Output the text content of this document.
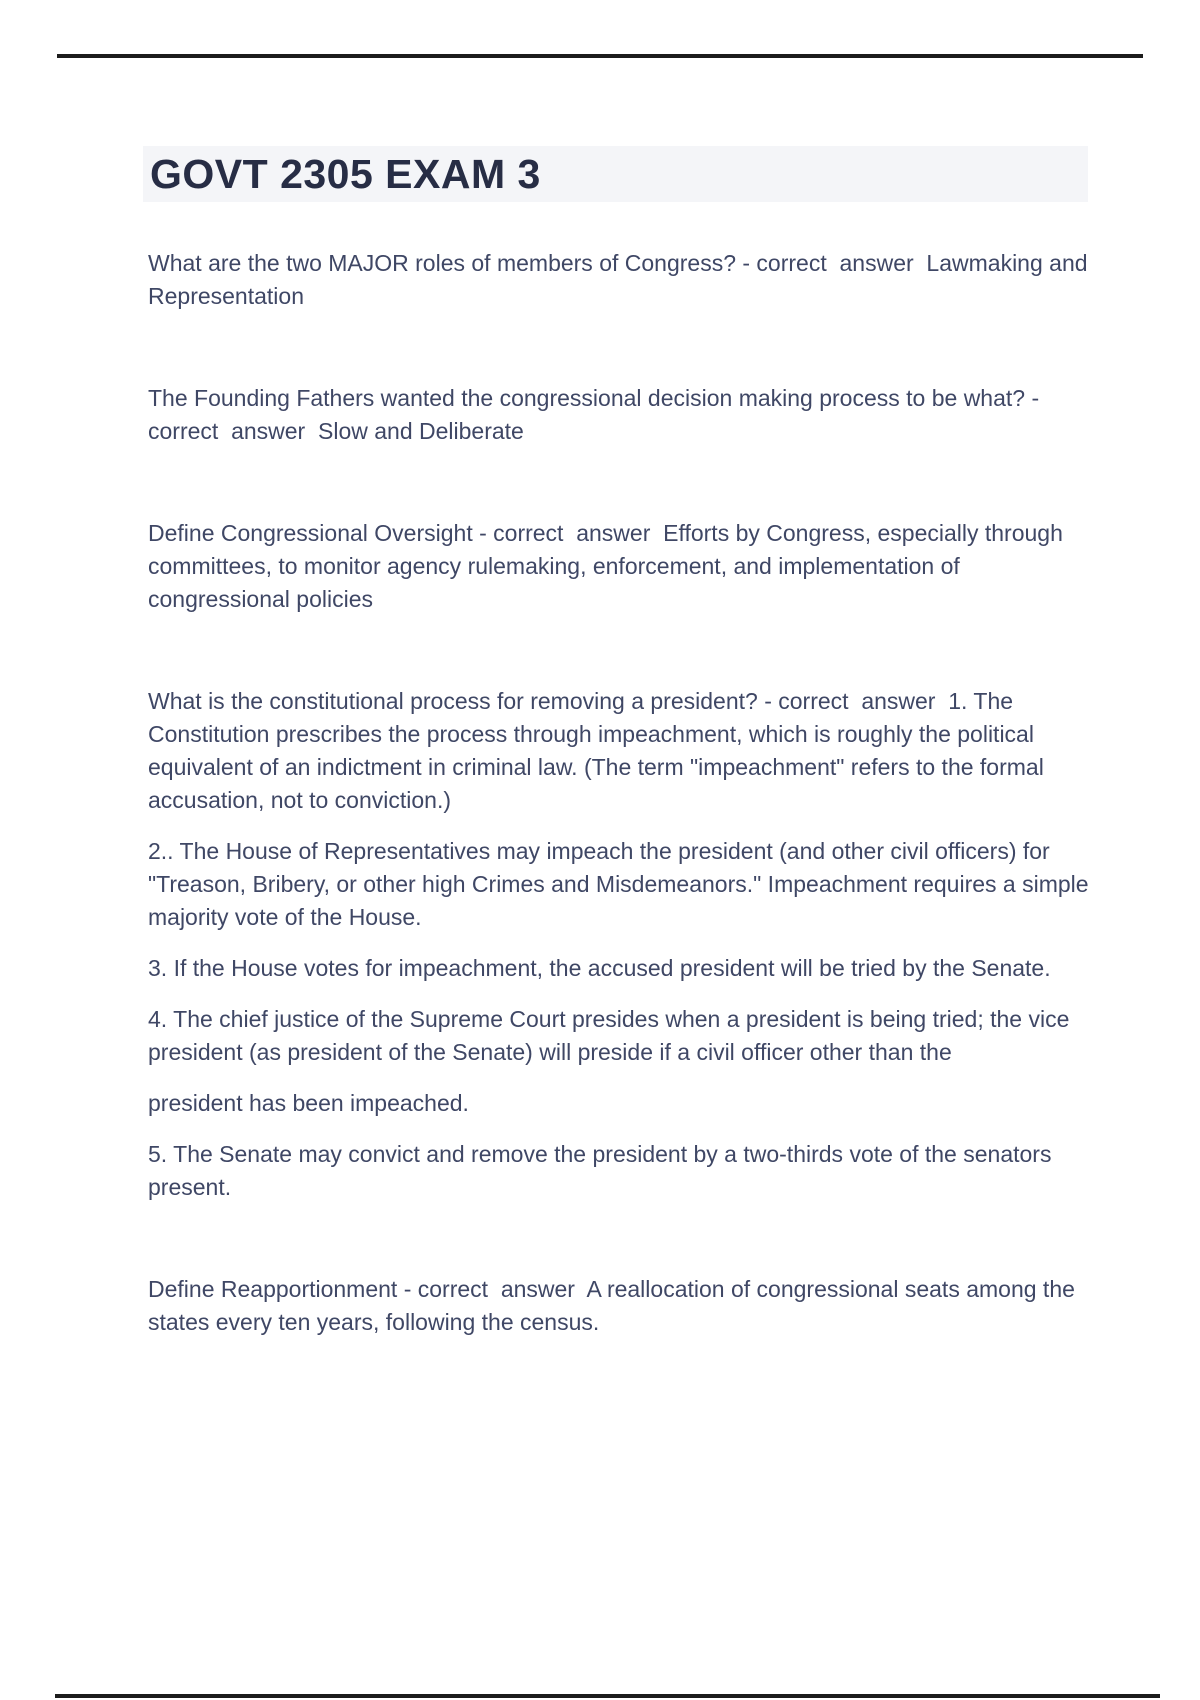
GOVT 2305 EXAM 3

What are the two MAJOR roles of members of Congress? - correct  answer  Lawmaking and Representation

The Founding Fathers wanted the congressional decision making process to be what? - correct  answer  Slow and Deliberate

Define Congressional Oversight - correct  answer  Efforts by Congress, especially through committees, to monitor agency rulemaking, enforcement, and implementation of congressional policies

What is the constitutional process for removing a president? - correct  answer  1. The Constitution prescribes the process through impeachment, which is roughly the political equivalent of an indictment in criminal law. (The term "impeachment" refers to the formal accusation, not to conviction.)

2.. The House of Representatives may impeach the president (and other civil officers) for "Treason, Bribery, or other high Crimes and Misdemeanors." Impeachment requires a simple majority vote of the House.

3. If the House votes for impeachment, the accused president will be tried by the Senate.

4. The chief justice of the Supreme Court presides when a president is being tried; the vice president (as president of the Senate) will preside if a civil officer other than the

president has been impeached.

5. The Senate may convict and remove the president by a two-thirds vote of the senators present.

Define Reapportionment - correct  answer  A reallocation of congressional seats among the states every ten years, following the census.
